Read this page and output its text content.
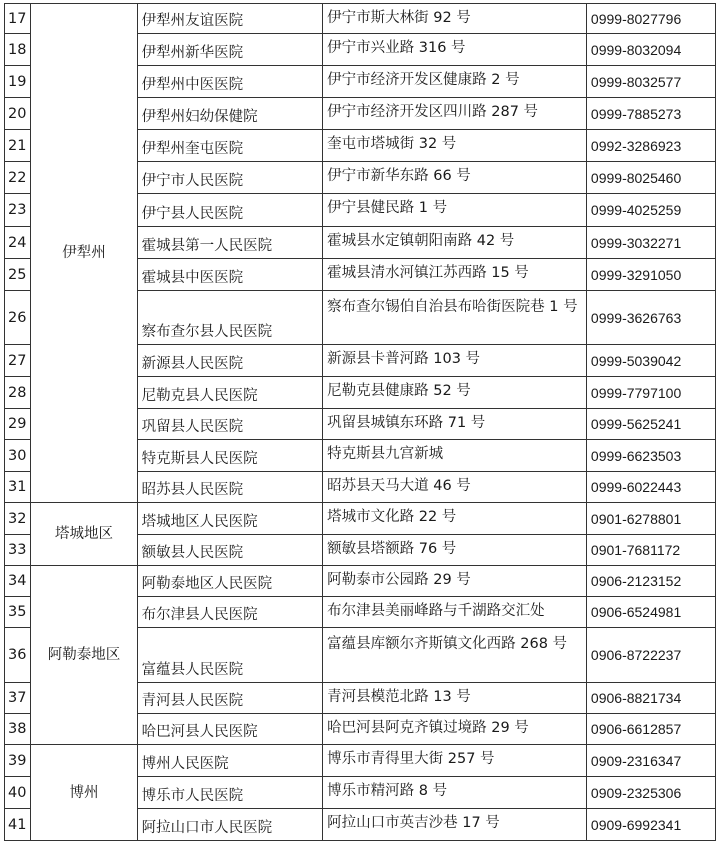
17	伊犁州	伊犁州友谊医院	伊宁市斯大林街 92 号	0999-8027796
18		伊犁州新华医院	伊宁市兴业路 316 号	0999-8032094
19		伊犁州中医医院	伊宁市经济开发区健康路 2 号	0999-8032577
20		伊犁州妇幼保健院	伊宁市经济开发区四川路 287 号	0999-7885273
21		伊犁州奎屯医院	奎屯市塔城街 32 号	0992-3286923
22		伊宁市人民医院	伊宁市新华东路 66 号	0999-8025460
23		伊宁县人民医院	伊宁县健民路 1 号	0999-4025259
24		霍城县第一人民医院	霍城县水定镇朝阳南路 42 号	0999-3032271
25		霍城县中医医院	霍城县清水河镇江苏西路 15 号	0999-3291050
26		察布查尔县人民医院	察布查尔锡伯自治县布哈街医院巷 1 号	0999-3626763
27		新源县人民医院	新源县卡普河路 103 号	0999-5039042
28		尼勒克县人民医院	尼勒克县健康路 52 号	0999-7797100
29		巩留县人民医院	巩留县城镇东环路 71 号	0999-5625241
30		特克斯县人民医院	特克斯县九宫新城	0999-6623503
31		昭苏县人民医院	昭苏县天马大道 46 号	0999-6022443
32	塔城地区	塔城地区人民医院	塔城市文化路 22 号	0901-6278801
33		额敏县人民医院	额敏县塔额路 76 号	0901-7681172
34	阿勒泰地区	阿勒泰地区人民医院	阿勒泰市公园路 29 号	0906-2123152
35		布尔津县人民医院	布尔津县美丽峰路与千湖路交汇处	0906-6524981
36		富蕴县人民医院	富蕴县库额尔齐斯镇文化西路 268 号	0906-8722237
37		青河县人民医院	青河县模范北路 13 号	0906-8821734
38		哈巴河县人民医院	哈巴河县阿克齐镇过境路 29 号	0906-6612857
39	博州	博州人民医院	博乐市青得里大街 257 号	0909-2316347
40		博乐市人民医院	博乐市精河路 8 号	0909-2325306
41		阿拉山口市人民医院	阿拉山口市英吉沙巷 17 号	0909-6992341
